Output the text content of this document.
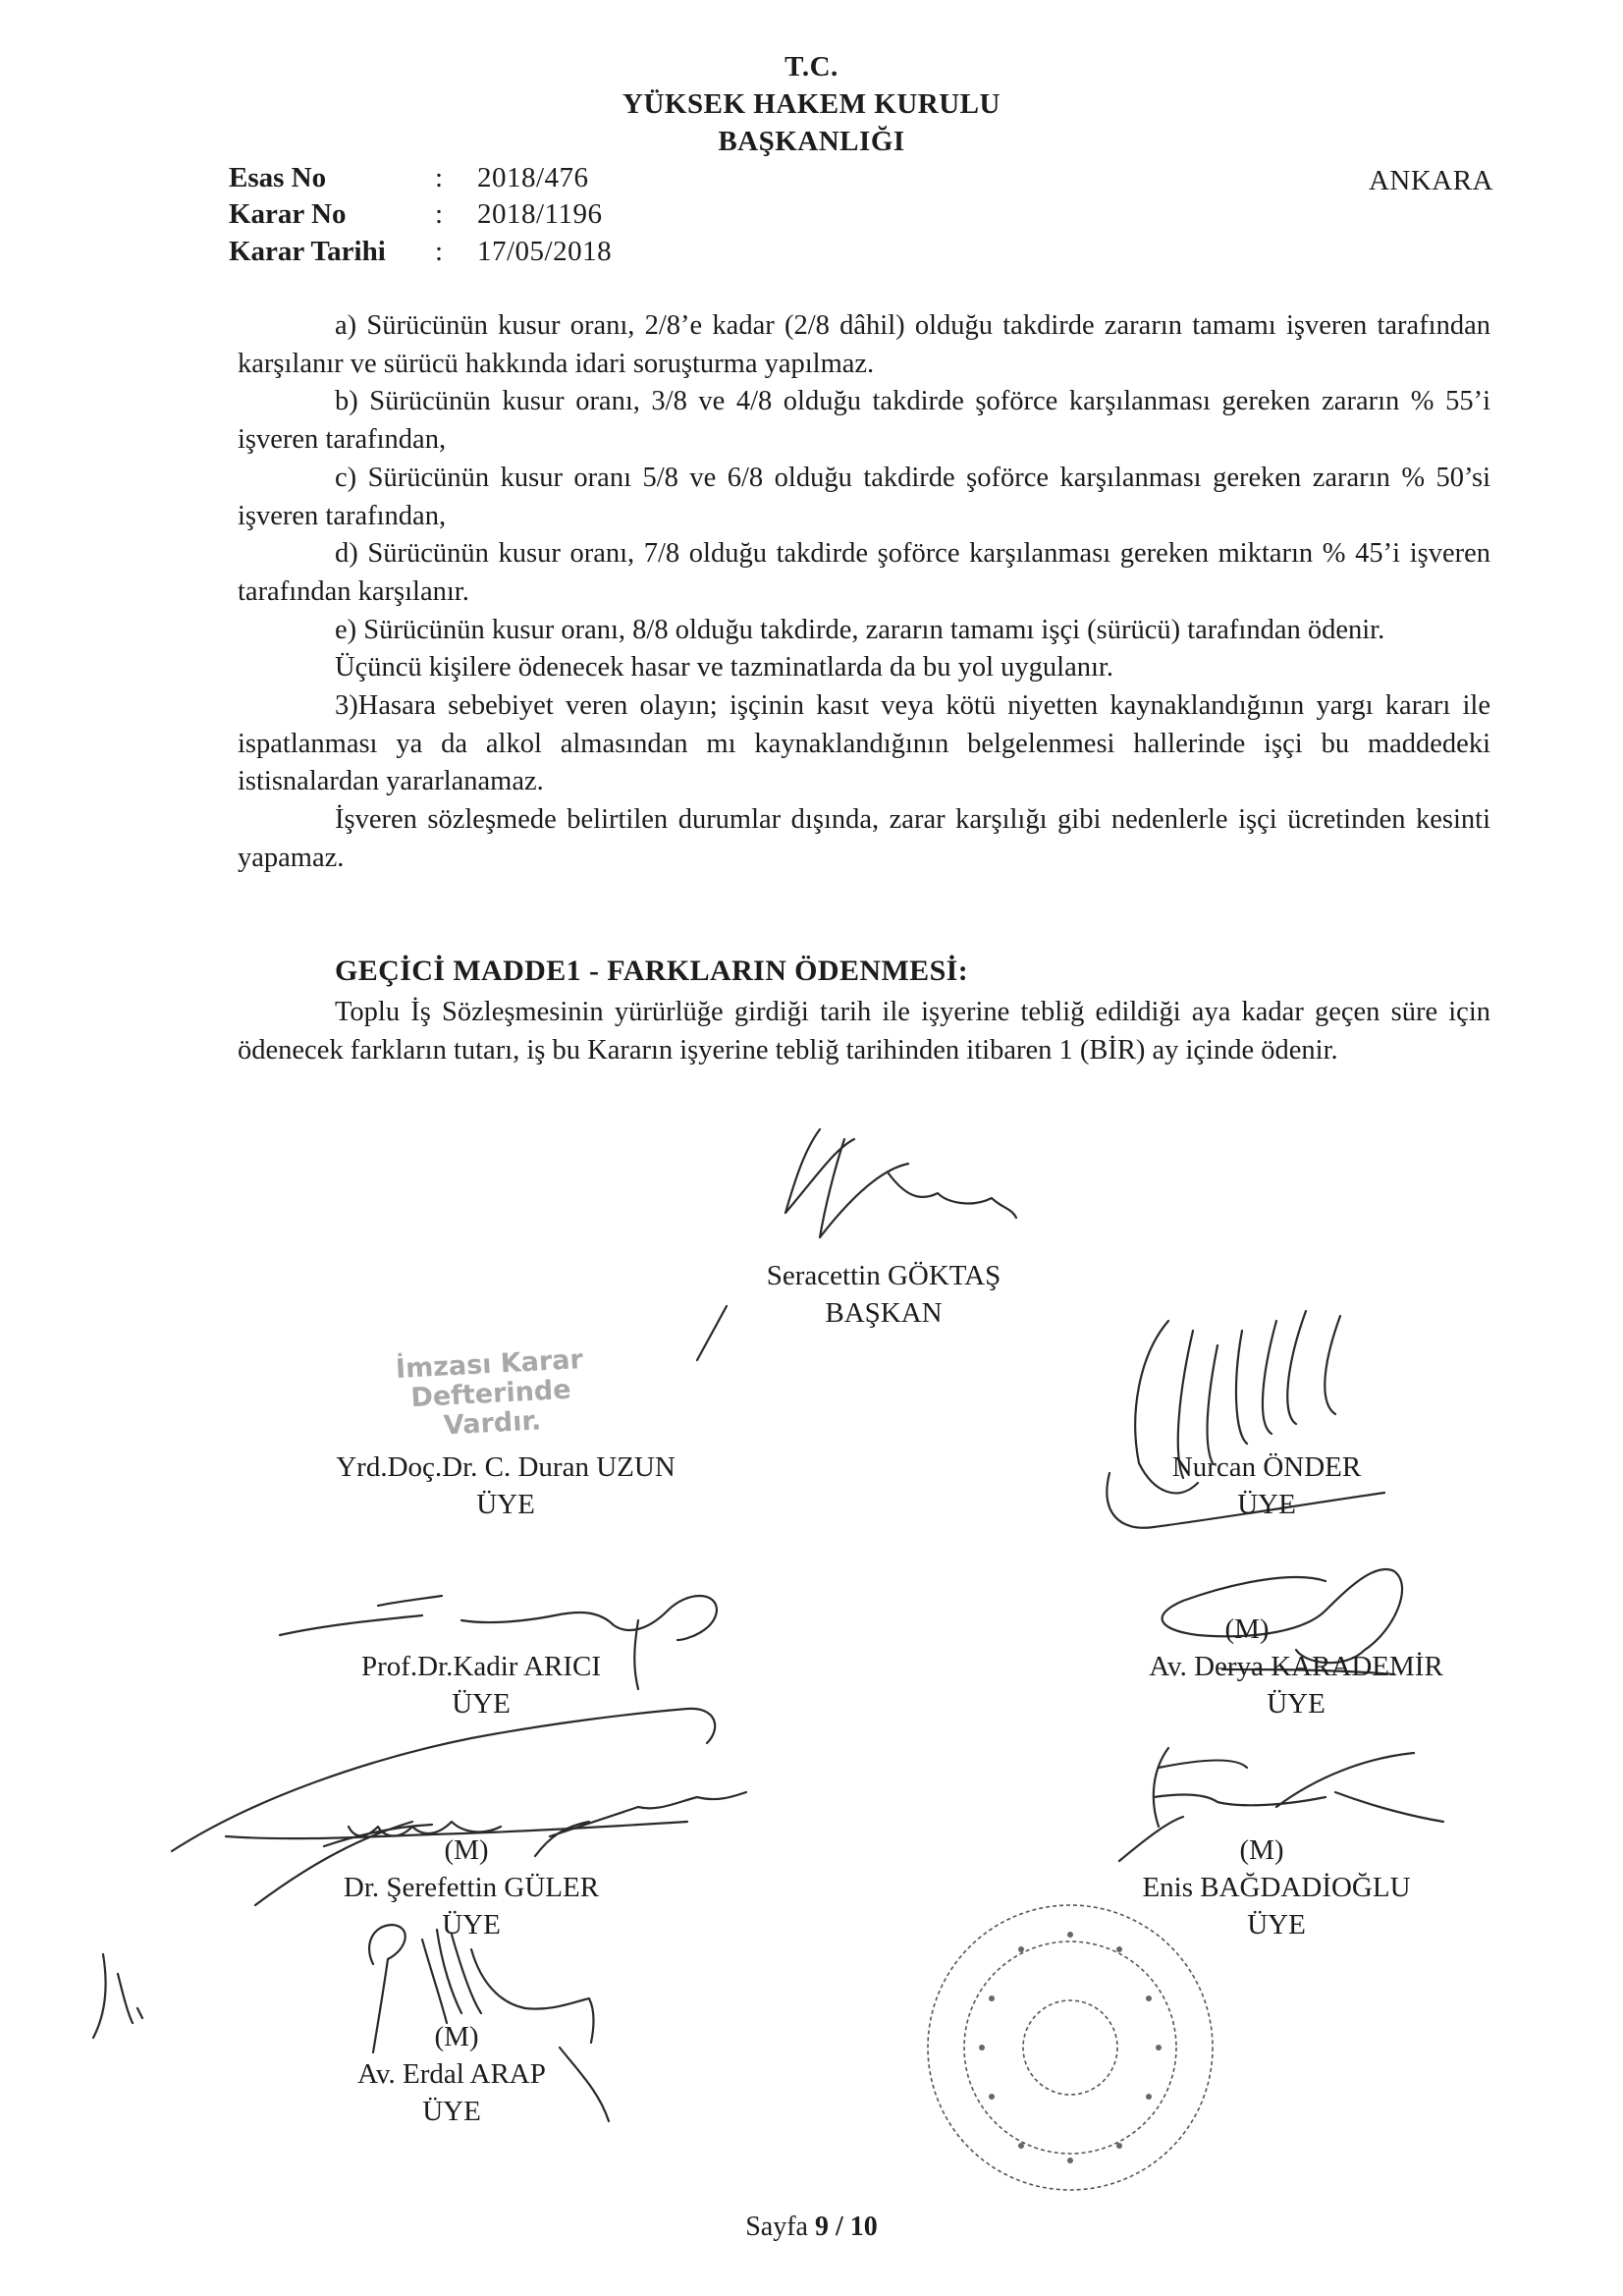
T.C.
YÜKSEK HAKEM KURULU
BAŞKANLIĞI
Esas No	: 2018/476
Karar No	: 2018/1196
Karar Tarihi : 17/05/2018
ANKARA

a) Sürücünün kusur oranı, 2/8’e kadar (2/8 dâhil) olduğu takdirde zararın tamamı işveren tarafından karşılanır ve sürücü hakkında idari soruşturma yapılmaz.

b) Sürücünün kusur oranı, 3/8 ve 4/8 olduğu takdirde şoförce karşılanması gereken zararın % 55’i işveren tarafından,

c) Sürücünün kusur oranı 5/8 ve 6/8 olduğu takdirde şoförce karşılanması gereken zararın % 50’si işveren tarafından,

d) Sürücünün kusur oranı, 7/8 olduğu takdirde şoförce karşılanması gereken miktarın % 45’i işveren tarafından karşılanır.

e) Sürücünün kusur oranı, 8/8 olduğu takdirde, zararın tamamı işçi (sürücü) tarafından ödenir.

Üçüncü kişilere ödenecek hasar ve tazminatlarda da bu yol uygulanır.

3)Hasara sebebiyet veren olayın; işçinin kasıt veya kötü niyetten kaynaklandığının yargı kararı ile ispatlanması ya da alkol almasından mı kaynaklandığının belgelenmesi hallerinde işçi bu maddedeki istisnalardan yararlanamaz.

İşveren sözleşmede belirtilen durumlar dışında, zarar karşılığı gibi nedenlerle işçi ücretinden kesinti yapamaz.

GEÇİCİ MADDE1 - FARKLARIN ÖDENMESİ:

Toplu İş Sözleşmesinin yürürlüğe girdiği tarih ile işyerine tebliğ edildiği aya kadar geçen süre için ödenecek farkların tutarı, iş bu Kararın işyerine tebliğ tarihinden itibaren 1 (BİR) ay içinde ödenir.

Seracettin GÖKTAŞ
BAŞKAN
İmzası Karar Defterinde
Vardır.
Yrd.Doç.Dr. C. Duran UZUN
ÜYE
Nurcan ÖNDER
ÜYE
(M)
Av. Derya KARADEMİR
ÜYE
Prof.Dr.Kadir ARICI
ÜYE
(M)
Dr. Şerefettin GÜLER
ÜYE
(M)
Enis BAĞDADİOĞLU
ÜYE
(M)
Av. Erdal ARAP
ÜYE
Sayfa 9 / 10
